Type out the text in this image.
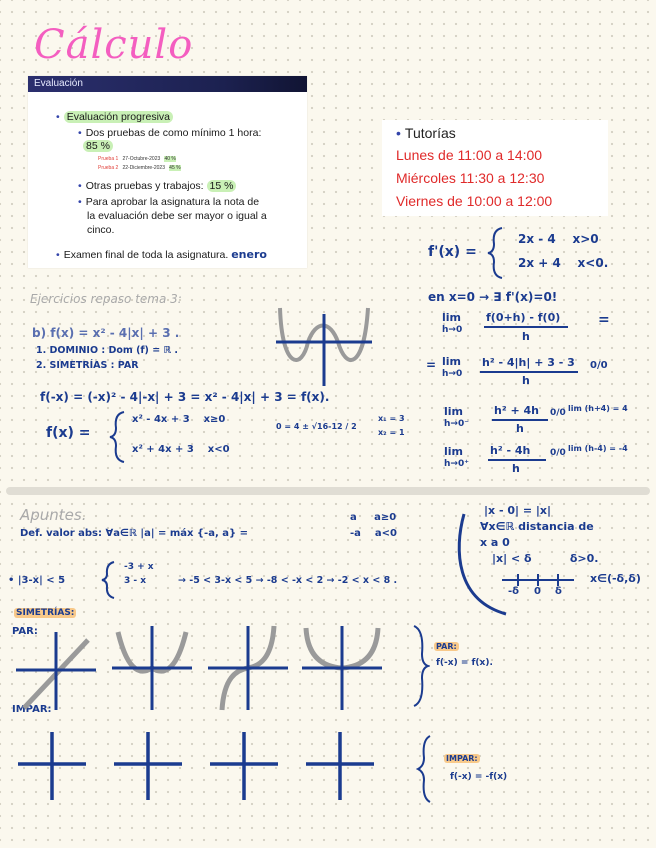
Cálculo
Evaluación
• Evaluación progresiva
• Dos pruebas de como mínimo 1 hora:
85 %
Prueba 1 27-Octubre-2023 40 %
Prueba 2 22-Diciembre-2023 45 %
• Otras pruebas y trabajos: 15 %
• Para aprobar la asignatura la nota de
la evaluación debe ser mayor o igual a
cinco.
• Examen final de toda la asignatura. enero
• Tutorías
Lunes de 11:00 a 14:00
Miércoles 11:30 a 12:30
Viernes de 10:00 a 12:00
f'(x) =
2x - 4    x>0
2x + 4    x<0.
en x=0 → ∃ f'(x)=0!
lim
h→0
f(0+h) - f(0)
h
=
= lim
h→0
h² - 4|h| + 3 - 3
h
0/0
lim
h→0⁻
h² + 4h
h
0/0 lim (h+4) = 4
lim
h→0⁺
h² - 4h
h
0/0 lim (h-4) = -4
Ejercicios repaso tema 3:
b) f(x) = x² - 4|x| + 3 .
1. DOMINIO : Dom (f) = ℝ .
2. SIMETRÍAS : PAR
f(-x) = (-x)² - 4|-x| + 3 = x² - 4|x| + 3 = f(x).
f(x) =
x² - 4x + 3    x≥0
x² + 4x + 3    x<0
0 = 4 ± √16-12 / 2
x₁ = 3
x₂ = 1
Apuntes.
Def. valor abs: ∀a∈ℝ |a| = máx {-a, a} =
a     a≥0
-a    a<0
|x - 0| = |x|
∀x∈ℝ distancia de
x a 0
|x| < δ          δ>0.
-δ 0 δ
x∈(-δ,δ)
• |3-x| < 5
-3 + x
3 - x	→ -5 < 3-x < 5 → -8 < -x < 2 → -2 < x < 8 .
SIMETRÍAS:
PAR:
IMPAR:
PAR:
f(-x) = f(x).
IMPAR:
f(-x) = -f(x)
